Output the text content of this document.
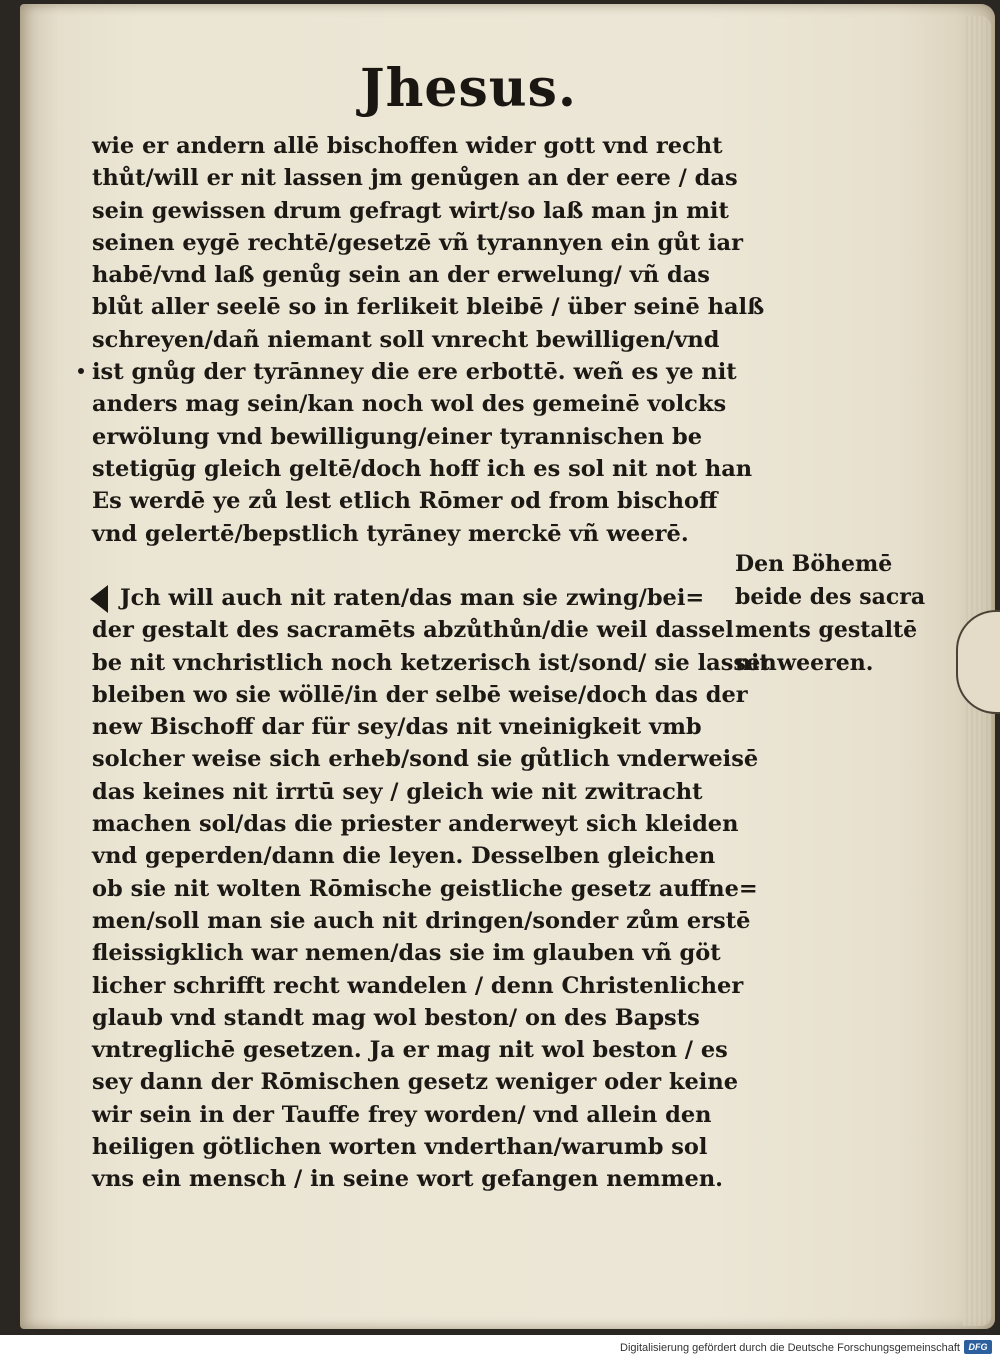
Jhesus.
wie er andern allē bischoffen wider gott vnd recht
thůt/will er nit lassen jm genůgen an der eere / das
sein gewissen drum gefragt wirt/so laß man jn mit
seinen eygē rechtē/gesetzē vñ tyrannyen ein gůt iar
habē/vnd laß genůg sein an der erwelung/ vñ das
blůt aller seelē so in ferlikeit bleibē / über seinē halß
schreyen/dañ niemant soll vnrecht bewilligen/vnd
ist gnůg der tyrānney die ere erbottē. weñ es ye nit
anders mag sein/kan noch wol des gemeinē volcks
erwölung vnd bewilligung/einer tyrannischen be
stetigūg gleich geltē/doch hoff ich es sol nit not han
Es werdē ye zů lest etlich Rōmer od from bischoff
vnd gelertē/bepstlich tyrāney merckē vñ weerē.
Den Böhemē
beide des sacra
ments gestaltē
nit weeren.
Jch will auch nit raten/das man sie zwing/bei=
der gestalt des sacramēts abzůthůn/die weil dassel
be nit vnchristlich noch ketzerisch ist/sond/ sie lassen
bleiben wo sie wöllē/in der selbē weise/doch das der
new Bischoff dar für sey/das nit vneinigkeit vmb
solcher weise sich erheb/sond sie gůtlich vnderweisē
das keines nit irrtū sey / gleich wie nit zwitracht
machen sol/das die priester anderweyt sich kleiden
vnd geperden/dann die leyen. Desselben gleichen
ob sie nit wolten Rōmische geistliche gesetz auffne=
men/soll man sie auch nit dringen/sonder zům erstē
fleissigklich war nemen/das sie im glauben vñ göt
licher schrifft recht wandelen / denn Christenlicher
glaub vnd standt mag wol beston/ on des Bapsts
vntreglichē gesetzen. Ja er mag nit wol beston / es
sey dann der Rōmischen gesetz weniger oder keine
wir sein in der Tauffe frey worden/ vnd allein den
heiligen götlichen worten vnderthan/warumb sol
vns ein mensch / in seine wort gefangen nemmen.
Digitalisierung gefördert durch die Deutsche Forschungsgemeinschaft DFG
